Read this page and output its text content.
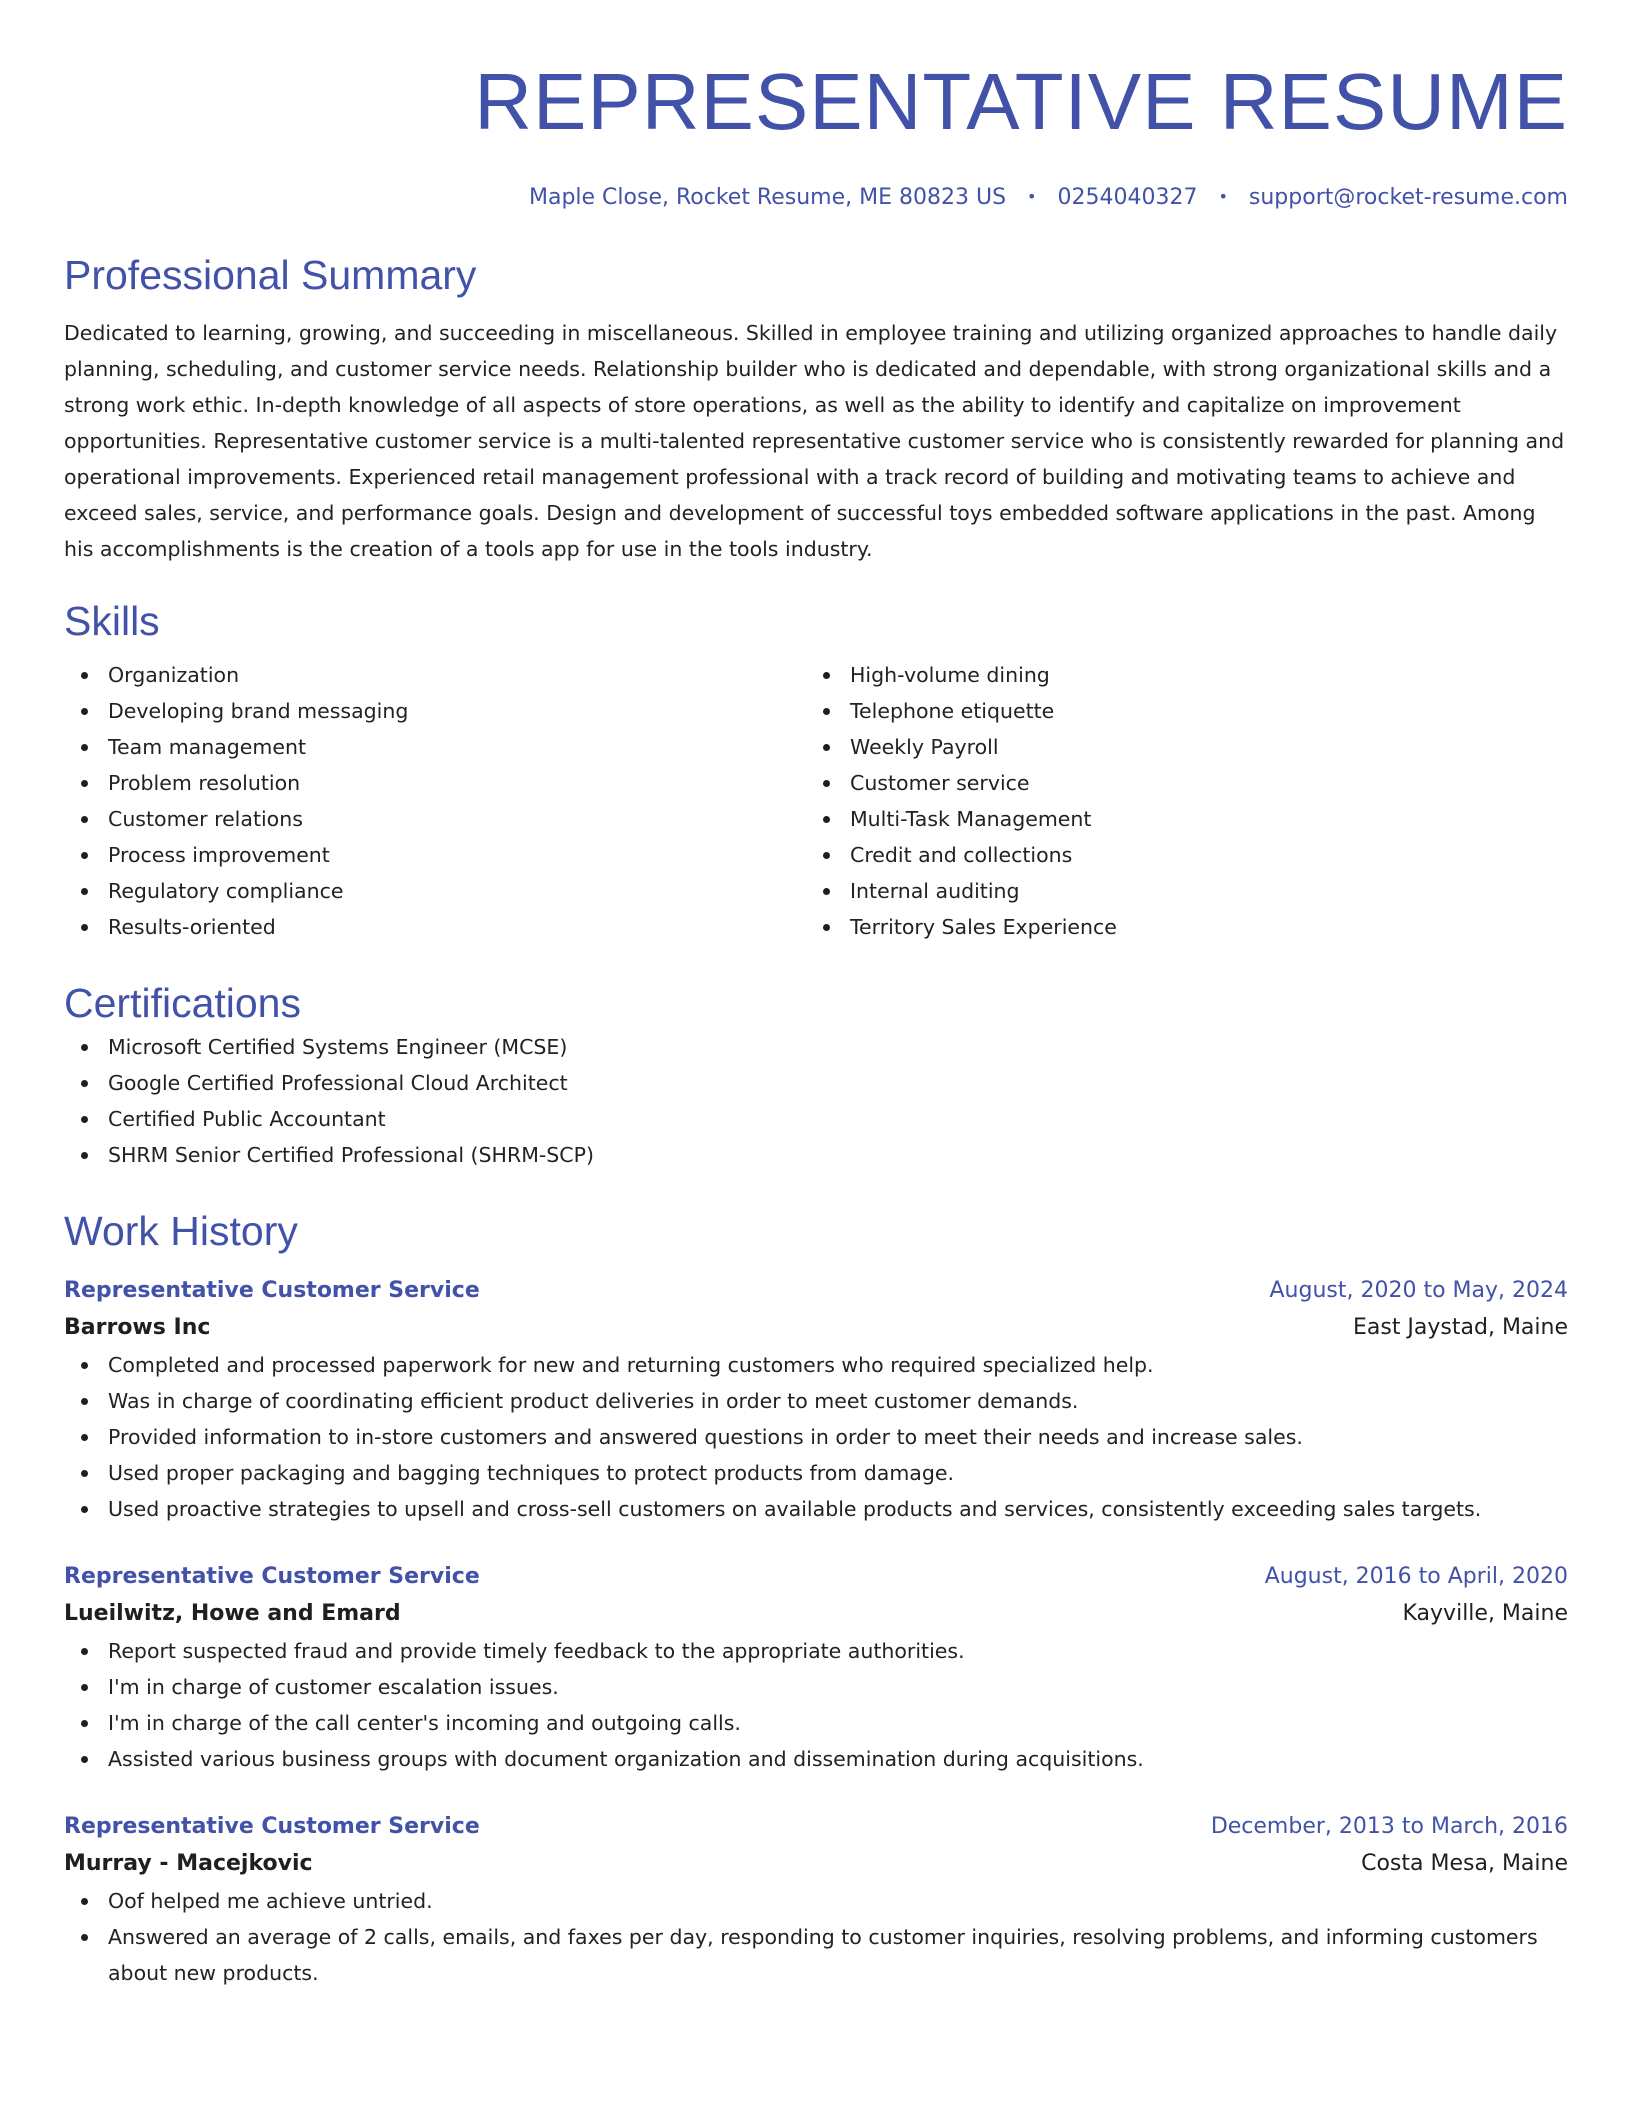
REPRESENTATIVE RESUME
Maple Close, Rocket Resume, ME 80823 US • 0254040327 • support@rocket-resume.com
Professional Summary

Dedicated to learning, growing, and succeeding in miscellaneous. Skilled in employee training and utilizing organized approaches to handle daily planning, scheduling, and customer service needs. Relationship builder who is dedicated and dependable, with strong organizational skills and a strong work ethic. In-depth knowledge of all aspects of store operations, as well as the ability to identify and capitalize on improvement opportunities. Representative customer service is a multi-talented representative customer service who is consistently rewarded for planning and operational improvements. Experienced retail management professional with a track record of building and motivating teams to achieve and exceed sales, service, and performance goals. Design and development of successful toys embedded software applications in the past. Among his accomplishments is the creation of a tools app for use in the tools industry.

Skills
Organization
Developing brand messaging
Team management
Problem resolution
Customer relations
Process improvement
Regulatory compliance
Results-oriented
High-volume dining
Telephone etiquette
Weekly Payroll
Customer service
Multi-Task Management
Credit and collections
Internal auditing
Territory Sales Experience
Certifications
Microsoft Certified Systems Engineer (MCSE)
Google Certified Professional Cloud Architect
Certified Public Accountant
SHRM Senior Certified Professional (SHRM-SCP)
Work History
Representative Customer Service	August, 2020 to May, 2024
Barrows Inc	East Jaystad, Maine
Completed and processed paperwork for new and returning customers who required specialized help.
Was in charge of coordinating efficient product deliveries in order to meet customer demands.
Provided information to in-store customers and answered questions in order to meet their needs and increase sales.
Used proper packaging and bagging techniques to protect products from damage.
Used proactive strategies to upsell and cross-sell customers on available products and services, consistently exceeding sales targets.
Representative Customer Service	August, 2016 to April, 2020
Lueilwitz, Howe and Emard	Kayville, Maine
Report suspected fraud and provide timely feedback to the appropriate authorities.
I'm in charge of customer escalation issues.
I'm in charge of the call center's incoming and outgoing calls.
Assisted various business groups with document organization and dissemination during acquisitions.
Representative Customer Service	December, 2013 to March, 2016
Murray - Macejkovic	Costa Mesa, Maine
Oof helped me achieve untried.
Answered an average of 2 calls, emails, and faxes per day, responding to customer inquiries, resolving problems, and informing customers about new products.
